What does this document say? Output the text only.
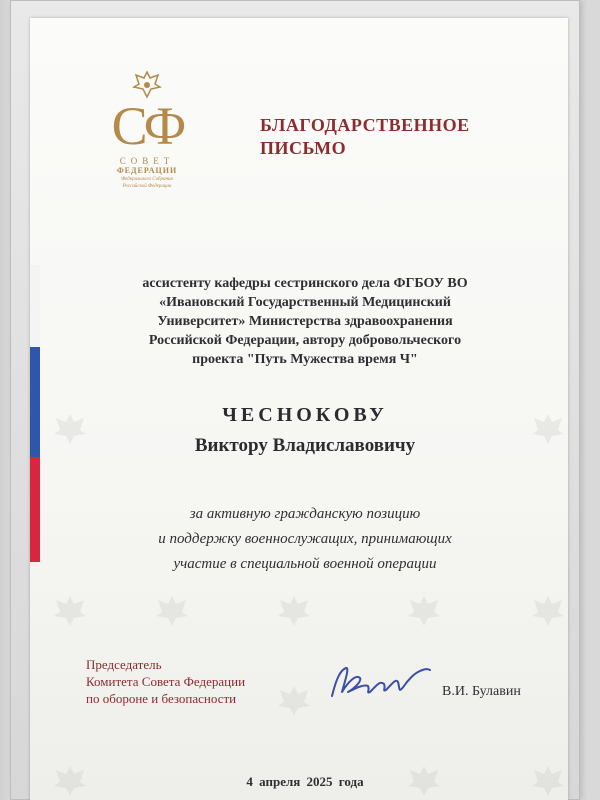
СФ
СОВЕТ
ФЕДЕРАЦИИ
Федерального Собрания
Российской Федерации
БЛАГОДАРСТВЕННОЕ
ПИСЬМО
ассистенту кафедры сестринского дела ФГБОУ ВО
«Ивановский Государственный Медицинский
Университет» Министерства здравоохранения
Российской Федерации, автору добровольческого
проекта "Путь Мужества время Ч"
ЧЕСНОКОВУ
Виктору Владиславовичу
за активную гражданскую позицию
и поддержку военнослужащих, принимающих
участие в специальной военной операции
Председатель
Комитета Совета Федерации
по обороне и безопасности	В.И. Булавин
4 апреля 2025 года
